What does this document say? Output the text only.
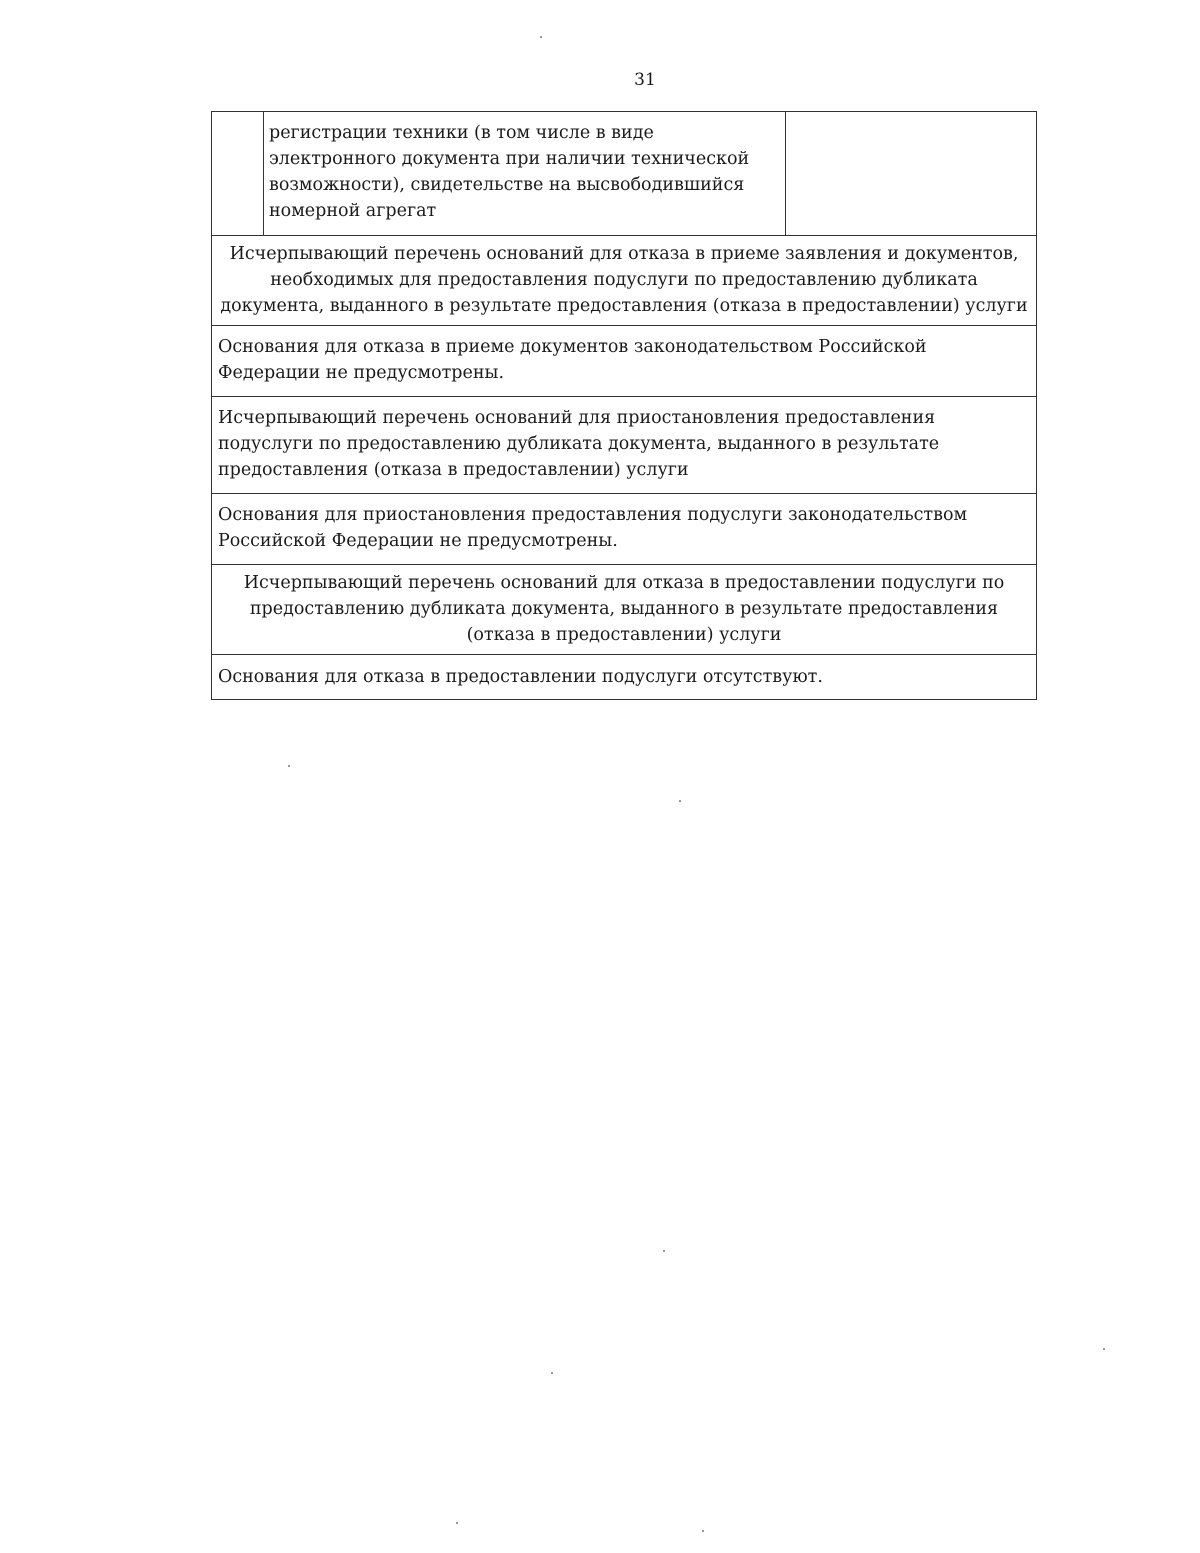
31
	регистрации техники (в том числе в виде электронного документа при наличии технической возможности), свидетельстве на высвободившийся номерной агрегат	
Исчерпывающий перечень оснований для отказа в приеме заявления и документов, необходимых для предоставления подуслуги по предоставлению дубликата документа, выданного в результате предоставления (отказа в предоставлении) услуги
Основания для отказа в приеме документов законодательством Российской Федерации не предусмотрены.
Исчерпывающий перечень оснований для приостановления предоставления подуслуги по предоставлению дубликата документа, выданного в результате предоставления (отказа в предоставлении) услуги
Основания для приостановления предоставления подуслуги законодательством Российской Федерации не предусмотрены.
Исчерпывающий перечень оснований для отказа в предоставлении подуслуги по предоставлению дубликата документа, выданного в результате предоставления (отказа в предоставлении) услуги
Основания для отказа в предоставлении подуслуги отсутствуют.
